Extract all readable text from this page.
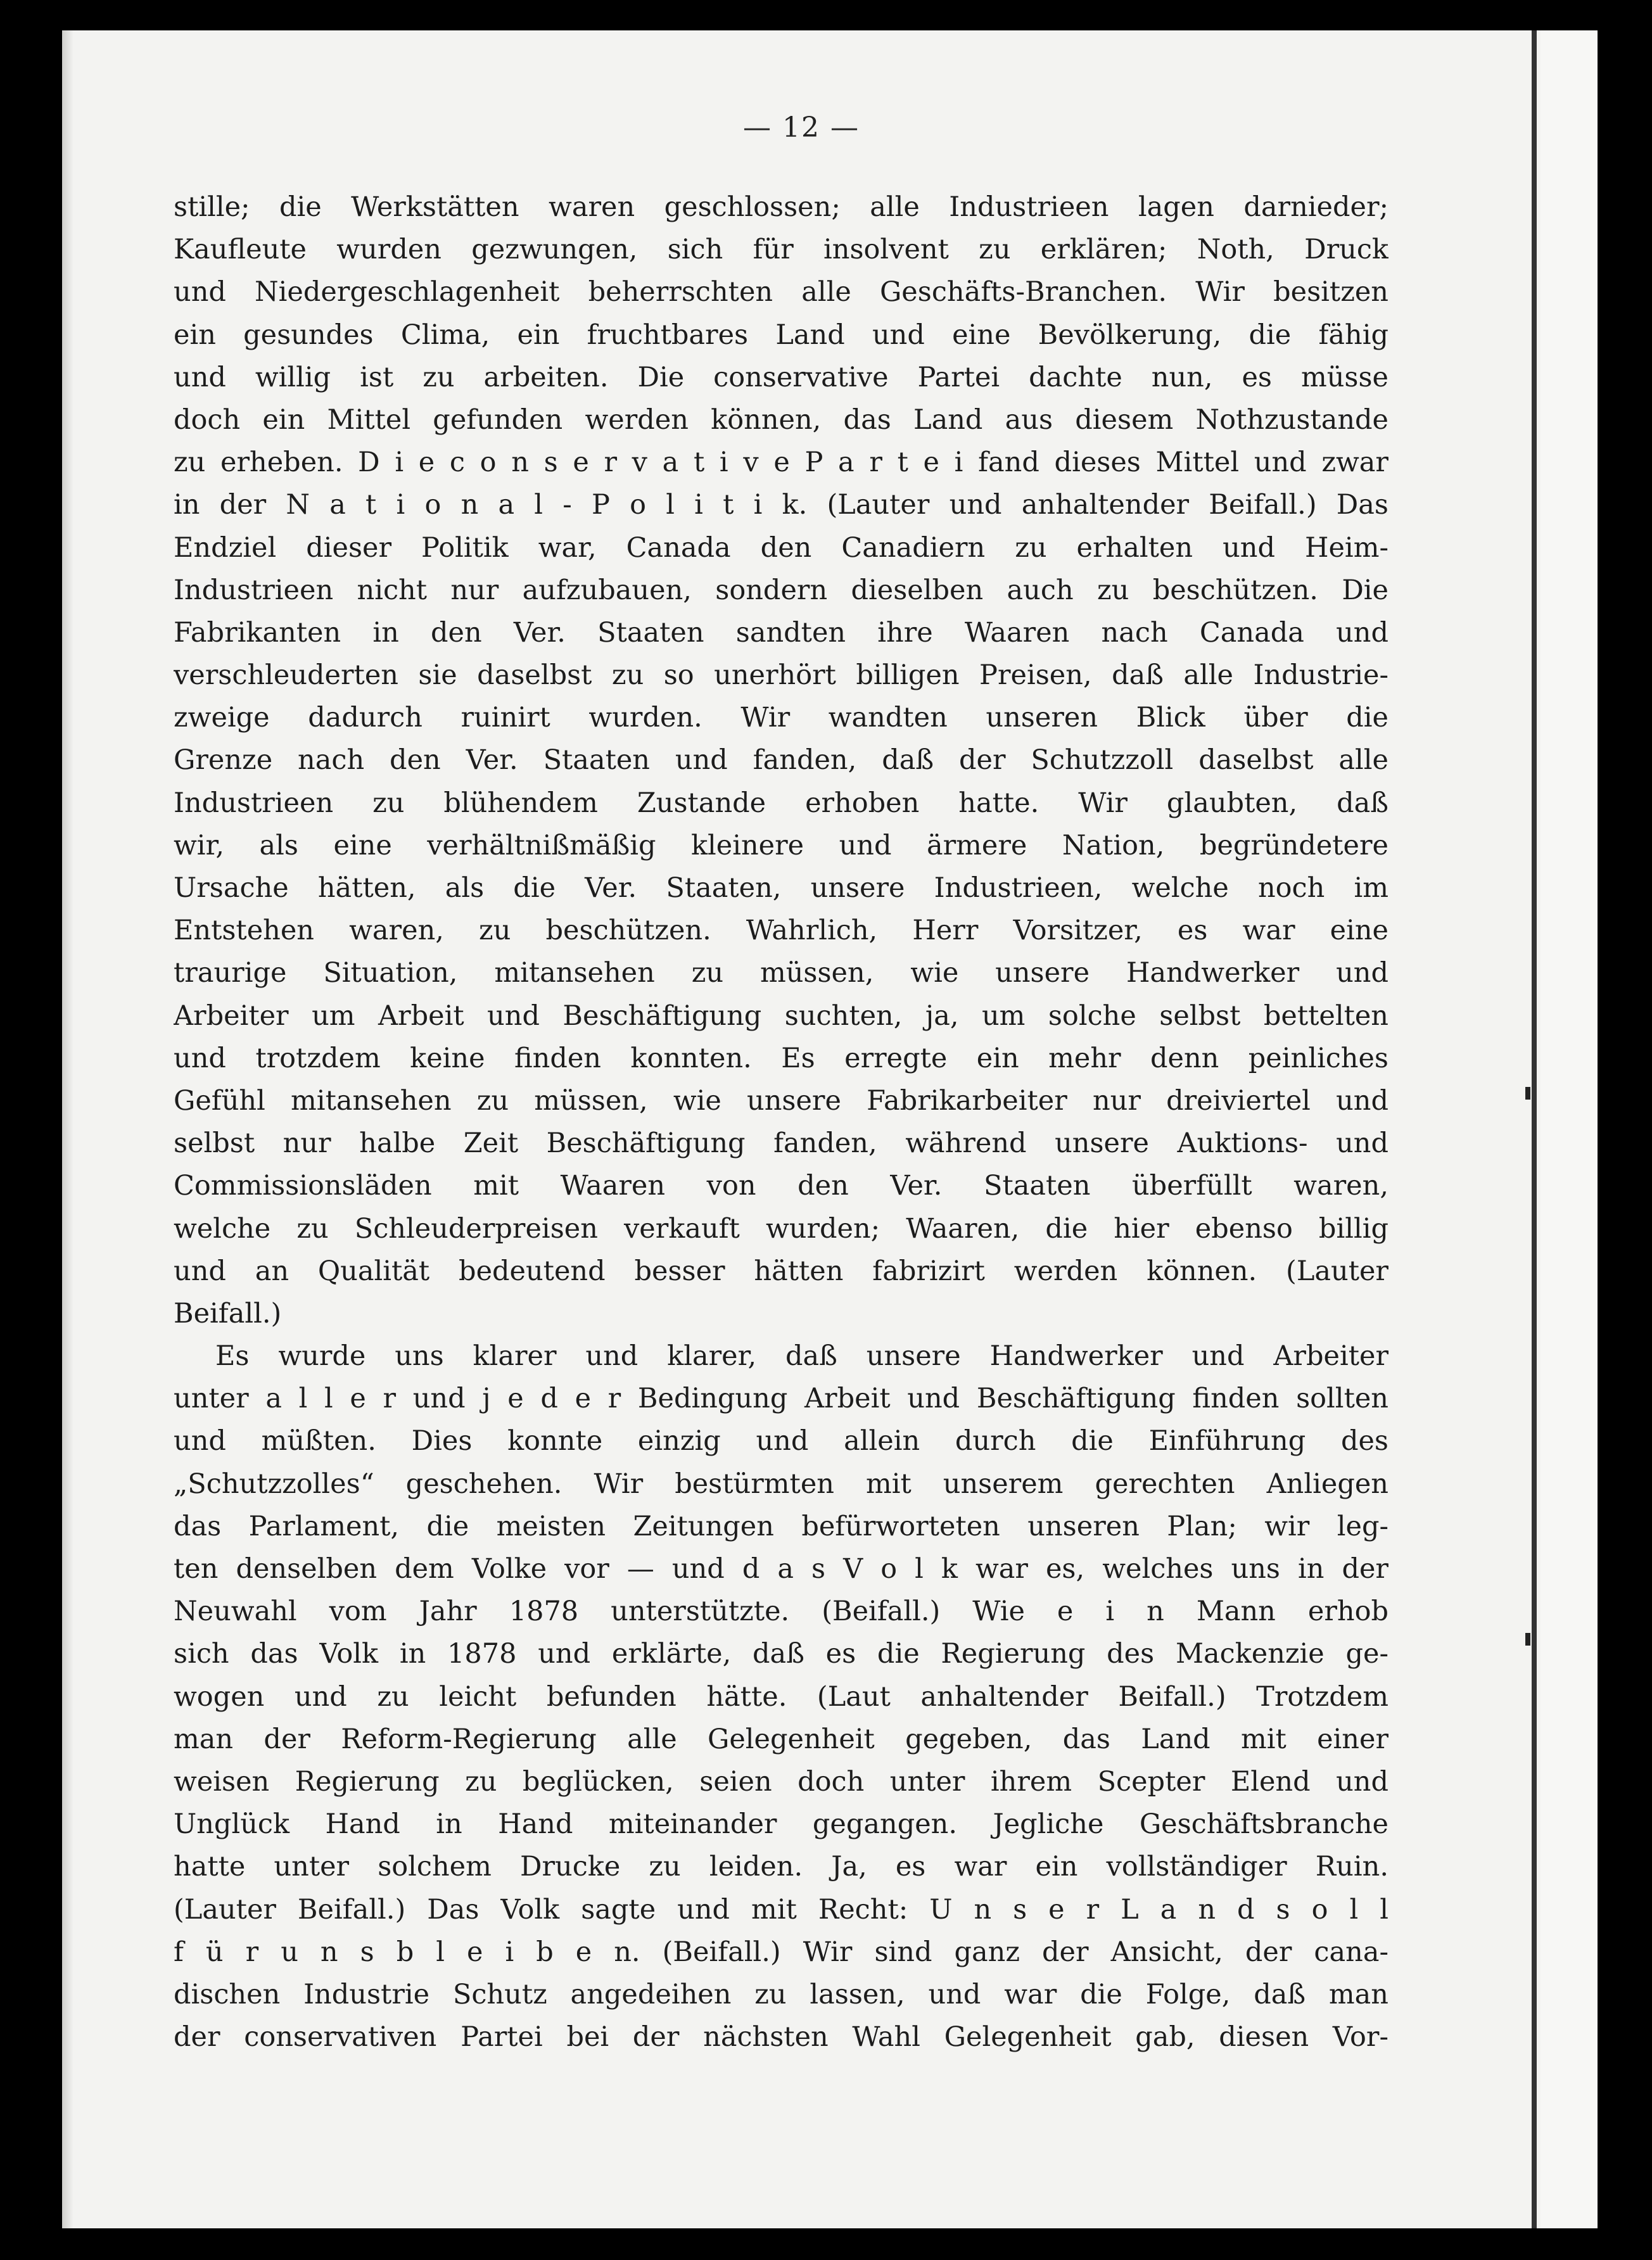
— 12 —
stille; die Werkstätten waren geschlossen; alle Industrieen lagen darnieder;
Kaufleute wurden gezwungen, sich für insolvent zu erklären; Noth, Druck
und Niedergeschlagenheit beherrschten alle Geschäfts-Branchen. Wir besitzen
ein gesundes Clima, ein fruchtbares Land und eine Bevölkerung, die fähig
und willig ist zu arbeiten. Die conservative Partei dachte nun, es müsse
doch ein Mittel gefunden werden können, das Land aus diesem Nothzustande
zu erheben. D i e c o n s e r v a t i v e P a r t e i fand dieses Mittel und zwar
in der N a t i o n a l - P o l i t i k. (Lauter und anhaltender Beifall.) Das
Endziel dieser Politik war, Canada den Canadiern zu erhalten und Heim-
Industrieen nicht nur aufzubauen, sondern dieselben auch zu beschützen. Die
Fabrikanten in den Ver. Staaten sandten ihre Waaren nach Canada und
verschleuderten sie daselbst zu so unerhört billigen Preisen, daß alle Industrie-
zweige dadurch ruinirt wurden. Wir wandten unseren Blick über die
Grenze nach den Ver. Staaten und fanden, daß der Schutzzoll daselbst alle
Industrieen zu blühendem Zustande erhoben hatte. Wir glaubten, daß
wir, als eine verhältnißmäßig kleinere und ärmere Nation, begründetere
Ursache hätten, als die Ver. Staaten, unsere Industrieen, welche noch im
Entstehen waren, zu beschützen. Wahrlich, Herr Vorsitzer, es war eine
traurige Situation, mitansehen zu müssen, wie unsere Handwerker und
Arbeiter um Arbeit und Beschäftigung suchten, ja, um solche selbst bettelten
und trotzdem keine finden konnten. Es erregte ein mehr denn peinliches
Gefühl mitansehen zu müssen, wie unsere Fabrikarbeiter nur dreiviertel und
selbst nur halbe Zeit Beschäftigung fanden, während unsere Auktions- und
Commissionsläden mit Waaren von den Ver. Staaten überfüllt waren,
welche zu Schleuderpreisen verkauft wurden; Waaren, die hier ebenso billig
und an Qualität bedeutend besser hätten fabrizirt werden können. (Lauter
Beifall.)
Es wurde uns klarer und klarer, daß unsere Handwerker und Arbeiter
unter a l l e r und j e d e r Bedingung Arbeit und Beschäftigung finden sollten
und müßten. Dies konnte einzig und allein durch die Einführung des
„Schutzzolles“ geschehen. Wir bestürmten mit unserem gerechten Anliegen
das Parlament, die meisten Zeitungen befürworteten unseren Plan; wir leg-
ten denselben dem Volke vor — und d a s V o l k war es, welches uns in der
Neuwahl vom Jahr 1878 unterstützte. (Beifall.) Wie e i n Mann erhob
sich das Volk in 1878 und erklärte, daß es die Regierung des Mackenzie ge-
wogen und zu leicht befunden hätte. (Laut anhaltender Beifall.) Trotzdem
man der Reform-Regierung alle Gelegenheit gegeben, das Land mit einer
weisen Regierung zu beglücken, seien doch unter ihrem Scepter Elend und
Unglück Hand in Hand miteinander gegangen. Jegliche Geschäftsbranche
hatte unter solchem Drucke zu leiden. Ja, es war ein vollständiger Ruin.
(Lauter Beifall.) Das Volk sagte und mit Recht: U n s e r L a n d s o l l
f ü r u n s b l e i b e n. (Beifall.) Wir sind ganz der Ansicht, der cana-
dischen Industrie Schutz angedeihen zu lassen, und war die Folge, daß man
der conservativen Partei bei der nächsten Wahl Gelegenheit gab, diesen Vor-
